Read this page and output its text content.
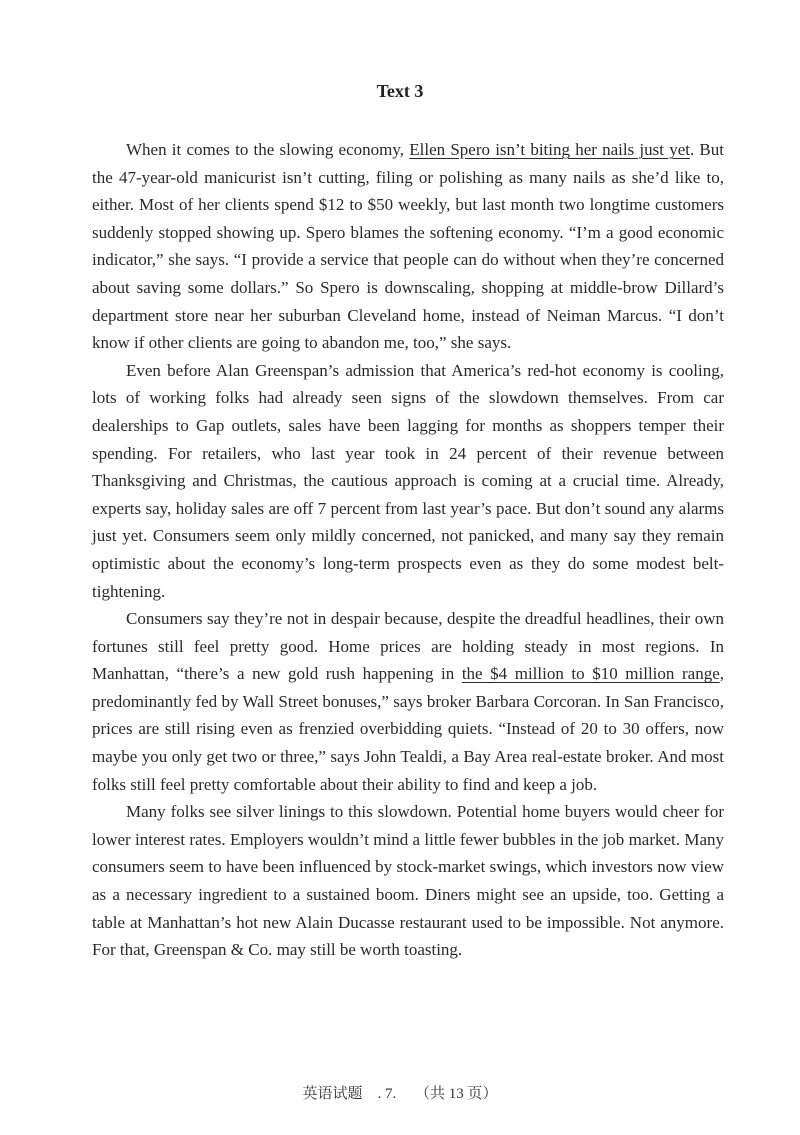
Text 3

When it comes to the slowing economy, Ellen Spero isn’t biting her nails just yet. But the 47-year-old manicurist isn’t cutting, filing or polishing as many nails as she’d like to, either. Most of her clients spend $12 to $50 weekly, but last month two longtime customers suddenly stopped showing up. Spero blames the softening economy. “I’m a good economic indicator,” she says. “I provide a service that people can do without when they’re concerned about saving some dollars.” So Spero is downscaling, shopping at middle-brow Dillard’s department store near her suburban Cleveland home, instead of Neiman Marcus. “I don’t know if other clients are going to abandon me, too,” she says.

Even before Alan Greenspan’s admission that America’s red-hot economy is cooling, lots of working folks had already seen signs of the slowdown themselves. From car dealerships to Gap outlets, sales have been lagging for months as shoppers temper their spending. For retailers, who last year took in 24 percent of their revenue between Thanksgiving and Christmas, the cautious approach is coming at a crucial time. Already, experts say, holiday sales are off 7 percent from last year’s pace. But don’t sound any alarms just yet. Consumers seem only mildly concerned, not panicked, and many say they remain optimistic about the economy’s long-term prospects even as they do some modest belt-tightening.

Consumers say they’re not in despair because, despite the dreadful headlines, their own fortunes still feel pretty good. Home prices are holding steady in most regions. In Manhattan, “there’s a new gold rush happening in the $4 million to $10 million range, predominantly fed by Wall Street bonuses,” says broker Barbara Corcoran. In San Francisco, prices are still rising even as frenzied overbidding quiets. “Instead of 20 to 30 offers, now maybe you only get two or three,” says John Tealdi, a Bay Area real-estate broker. And most folks still feel pretty comfortable about their ability to find and keep a job.

Many folks see silver linings to this slowdown. Potential home buyers would cheer for lower interest rates. Employers wouldn’t mind a little fewer bubbles in the job market. Many consumers seem to have been influenced by stock-market swings, which investors now view as a necessary ingredient to a sustained boom. Diners might see an upside, too. Getting a table at Manhattan’s hot new Alain Ducasse restaurant used to be impossible. Not anymore. For that, Greenspan & Co. may still be worth toasting.

英语试题    . 7.     （共 13 页）
